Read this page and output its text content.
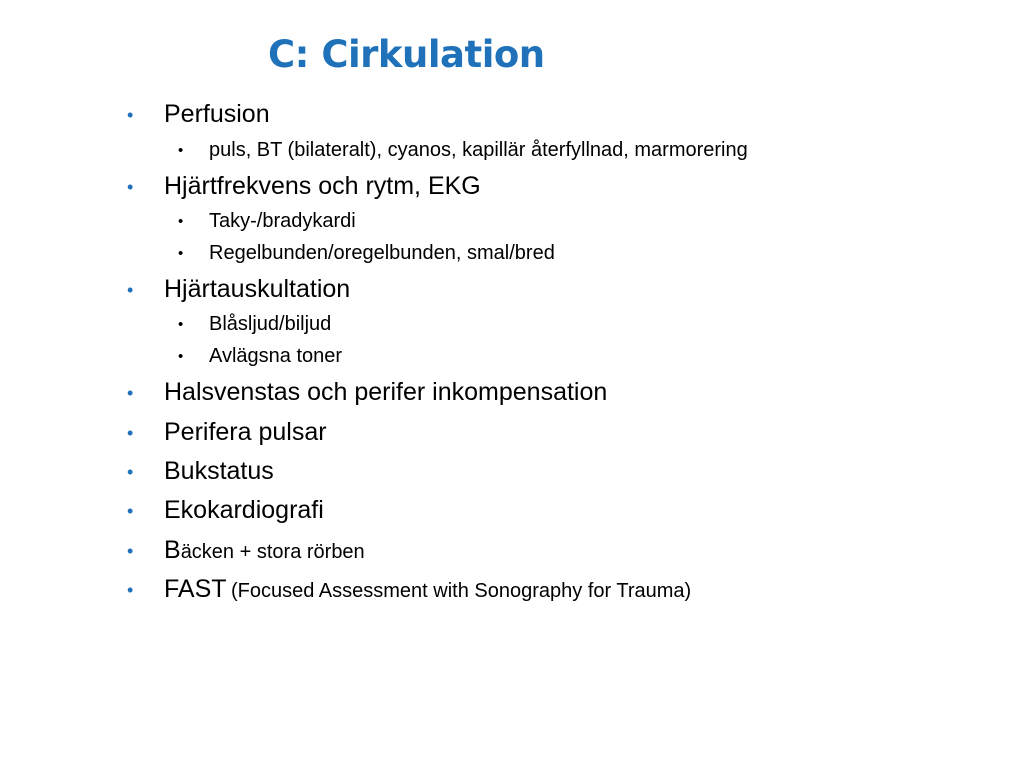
C: Cirkulation
• Perfusion
• puls, BT (bilateralt), cyanos, kapillär återfyllnad, marmorering
• Hjärtfrekvens och rytm, EKG
• Taky-/bradykardi
• Regelbunden/oregelbunden, smal/bred
• Hjärtauskultation
• Blåsljud/biljud
• Avlägsna toner
• Halsvenstas och perifer inkompensation
• Perifera pulsar
• Bukstatus
• Ekokardiografi
• Bäcken + stora rörben
• FAST (Focused Assessment with Sonography for Trauma)
